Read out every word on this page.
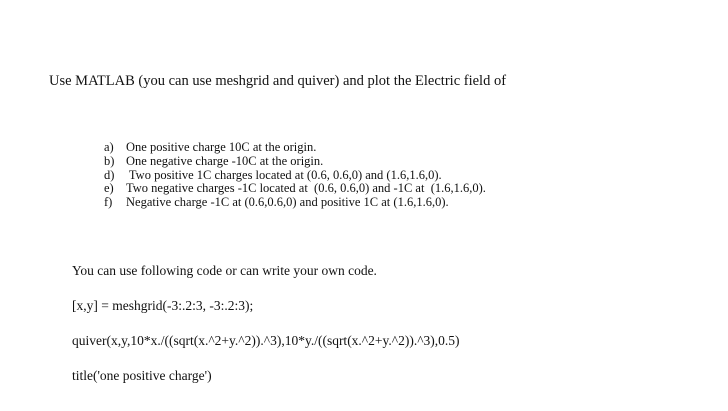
Use MATLAB (you can use meshgrid and quiver) and plot the Electric field of

a) One positive charge 10C at the origin.
b) One negative charge -10C at the origin.
d) Two positive 1C charges located at (0.6, 0.6,0) and (1.6,1.6,0).
e) Two negative charges -1C located at  (0.6, 0.6,0) and -1C at  (1.6,1.6,0).
f)	Negative charge -1C at (0.6,0.6,0) and positive 1C at (1.6,1.6,0).

You can use following code or can write your own code.

[x,y] = meshgrid(-3:.2:3, -3:.2:3);

quiver(x,y,10*x./((sqrt(x.^2+y.^2)).^3),10*y./((sqrt(x.^2+y.^2)).^3),0.5)

title('one positive charge')
